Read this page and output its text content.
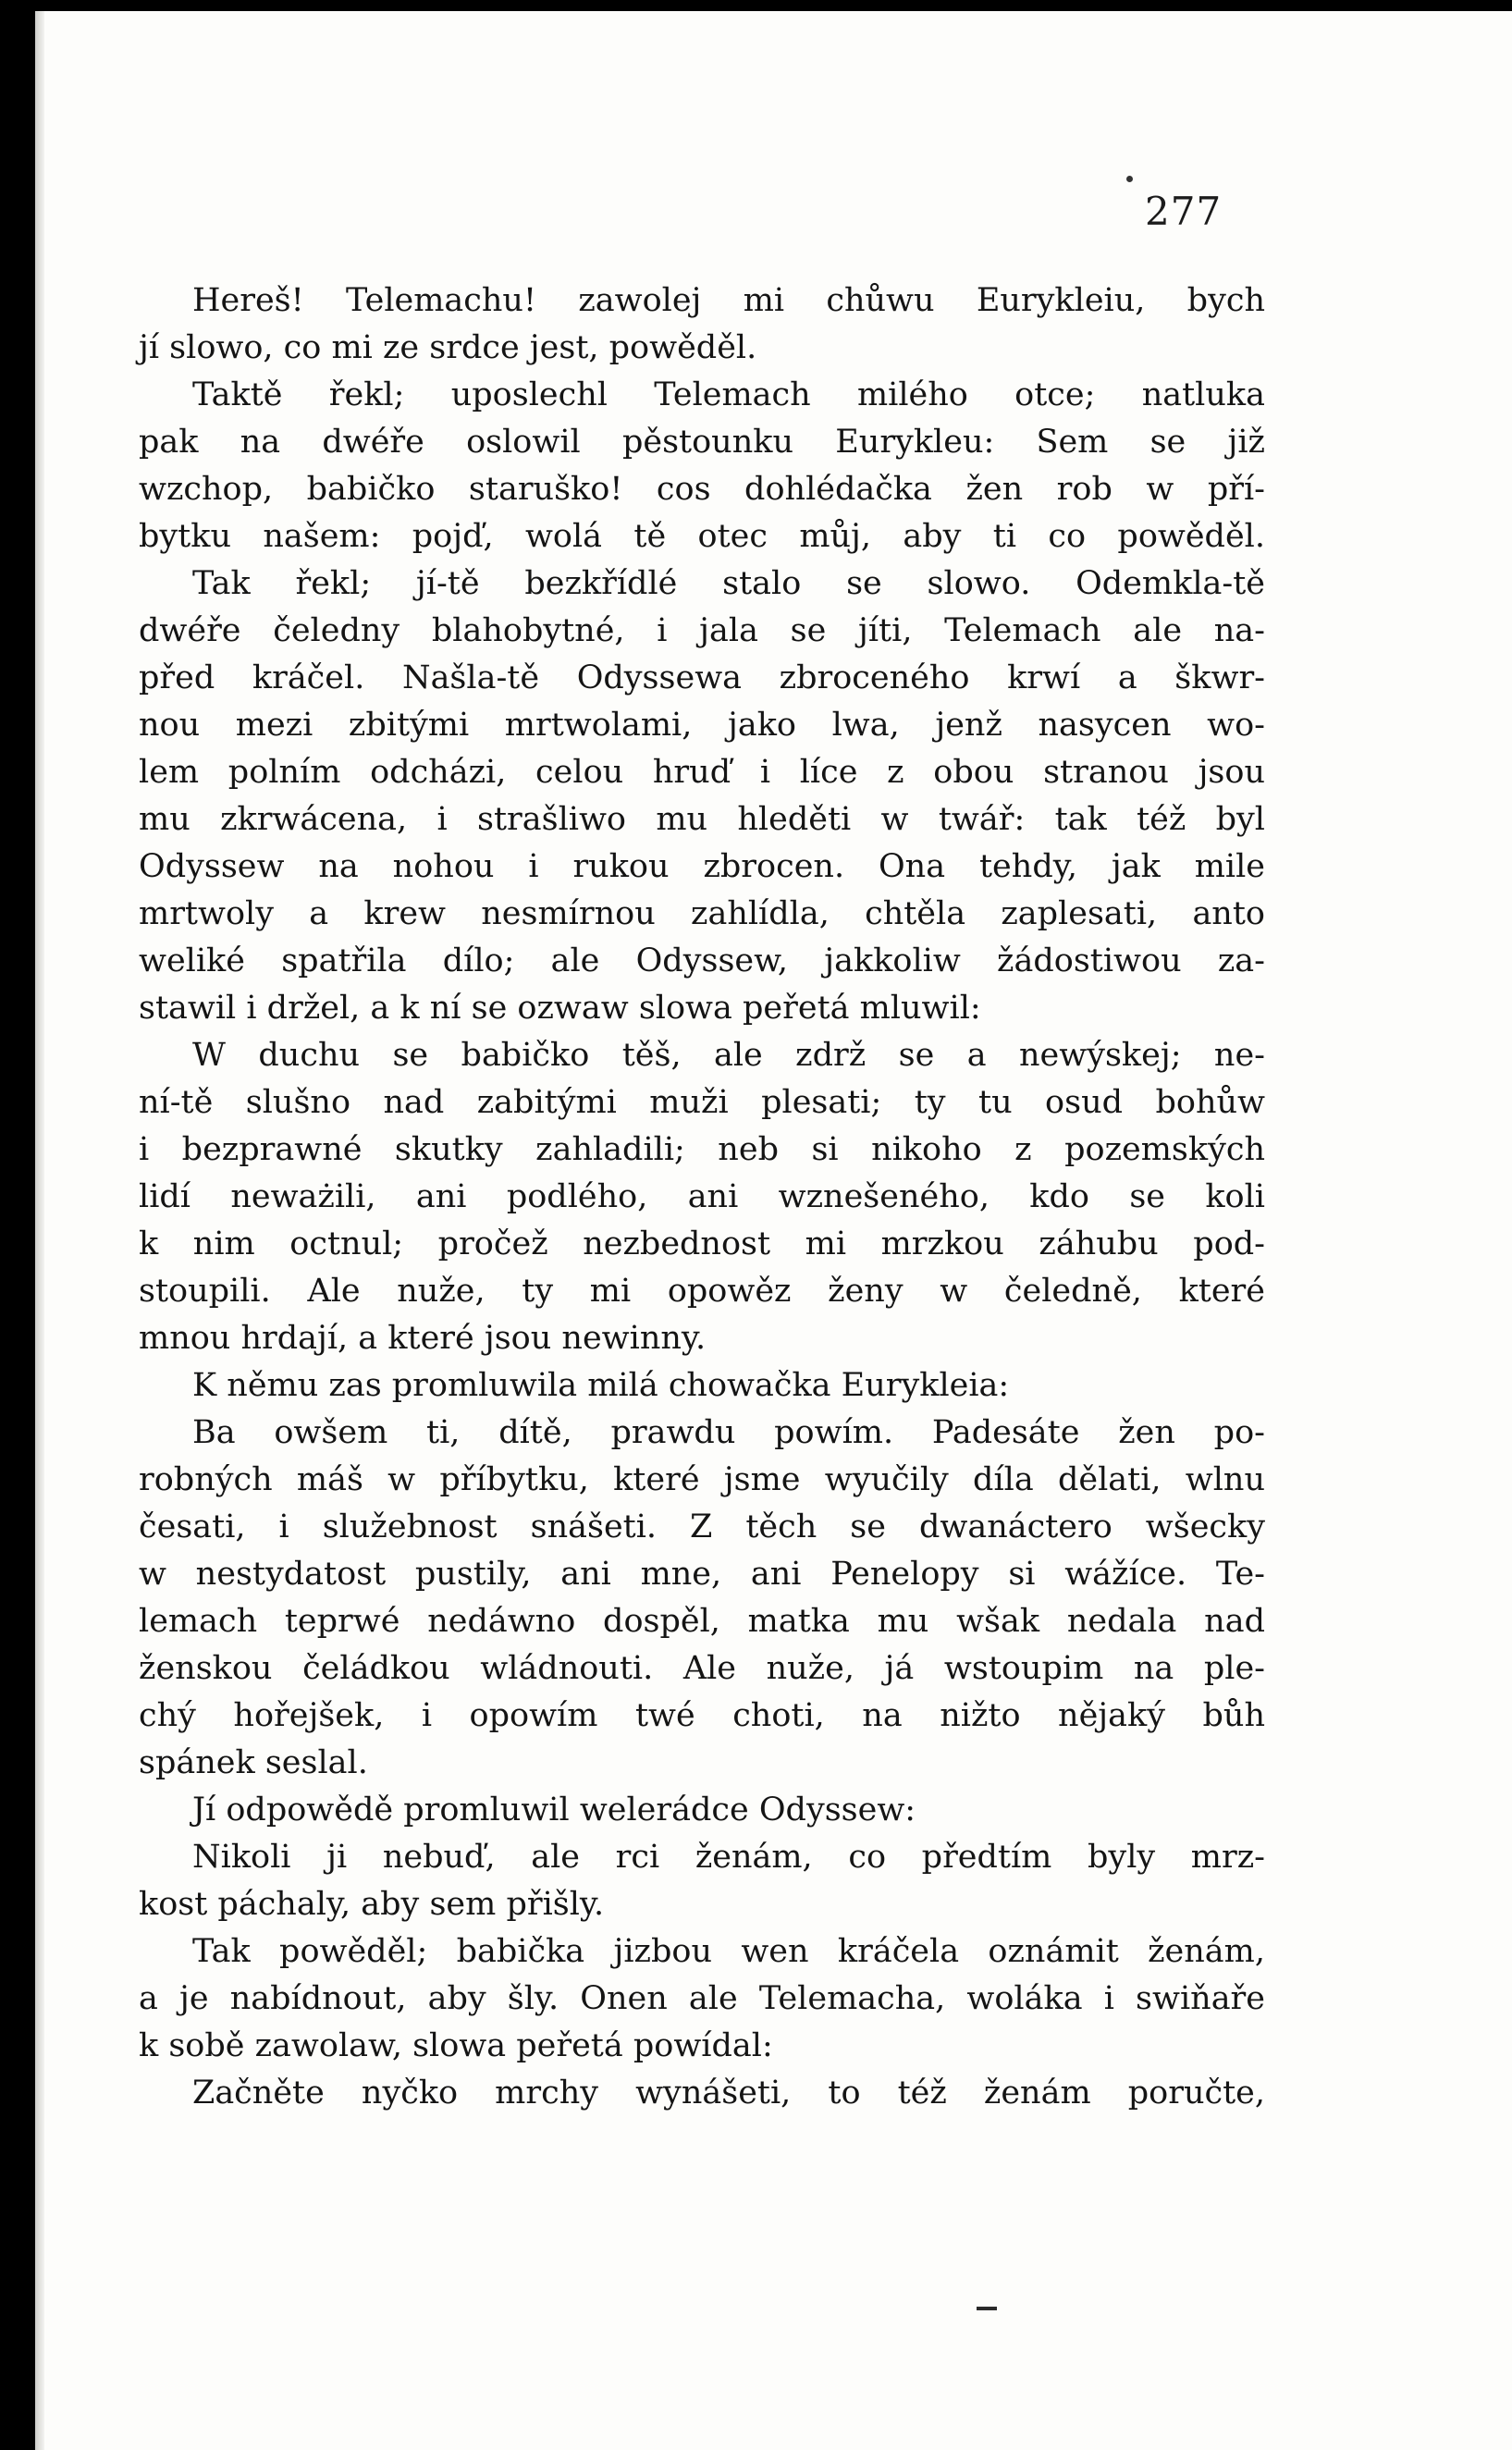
277
Hereš! Telemachu! zawolej mi chůwu Eurykleiu, bych
jí slowo, co mi ze srdce jest, powěděl.
Taktě řekl; uposlechl Telemach milého otce; natluka
pak na dwéře oslowil pěstounku Eurykleu: Sem se již
wzchop, babičko staruško! cos dohlédačka žen rob w pří-
bytku našem: pojď, wolá tě otec můj, aby ti co powěděl.
Tak řekl; jí-tě bezkřídlé stalo se slowo. Odemkla-tě
dwéře čeledny blahobytné, i jala se jíti, Telemach ale na-
před kráčel. Našla-tě Odyssewa zbroceného krwí a škwr-
nou mezi zbitými mrtwolami, jako lwa, jenž nasycen wo-
lem polním odcházi, celou hruď i líce z obou stranou jsou
mu zkrwácena, i strašliwo mu hleděti w twář: tak též byl
Odyssew na nohou i rukou zbrocen. Ona tehdy, jak mile
mrtwoly a krew nesmírnou zahlídla, chtěla zaplesati, anto
weliké spatřila dílo; ale Odyssew, jakkoliw žádostiwou za-
stawil i držel, a k ní se ozwaw slowa peřetá mluwil:
W duchu se babičko těš, ale zdrž se a newýskej; ne-
ní-tě slušno nad zabitými muži plesati; ty tu osud bohůw
i bezprawné skutky zahladili; neb si nikoho z pozemských
lidí neważili, ani podlého, ani wznešeného, kdo se koli
k nim octnul; pročež nezbednost mi mrzkou záhubu pod-
stoupili. Ale nuže, ty mi opowěz ženy w čeledně, které
mnou hrdají, a které jsou newinny.
K němu zas promluwila milá chowačka Eurykleia:
Ba owšem ti, dítě, prawdu powím. Padesáte žen po-
robných máš w příbytku, které jsme wyučily díla dělati, wlnu
česati, i služebnost snášeti. Z těch se dwanáctero wšecky
w nestydatost pustily, ani mne, ani Penelopy si wážíce. Te-
lemach teprwé nedáwno dospěl, matka mu wšak nedala nad
ženskou čeládkou wládnouti. Ale nuže, já wstoupim na ple-
chý hořejšek, i opowím twé choti, na nižto nějaký bůh
spánek seslal.
Jí odpowědě promluwil welerádce Odyssew:
Nikoli ji nebuď, ale rci ženám, co předtím byly mrz-
kost páchaly, aby sem přišly.
Tak powěděl; babička jizbou wen kráčela oznámit ženám,
a je nabídnout, aby šly. Onen ale Telemacha, woláka i swiňaře
k sobě zawolaw, slowa peřetá powídal:
Začněte nyčko mrchy wynášeti, to též ženám poručte,
